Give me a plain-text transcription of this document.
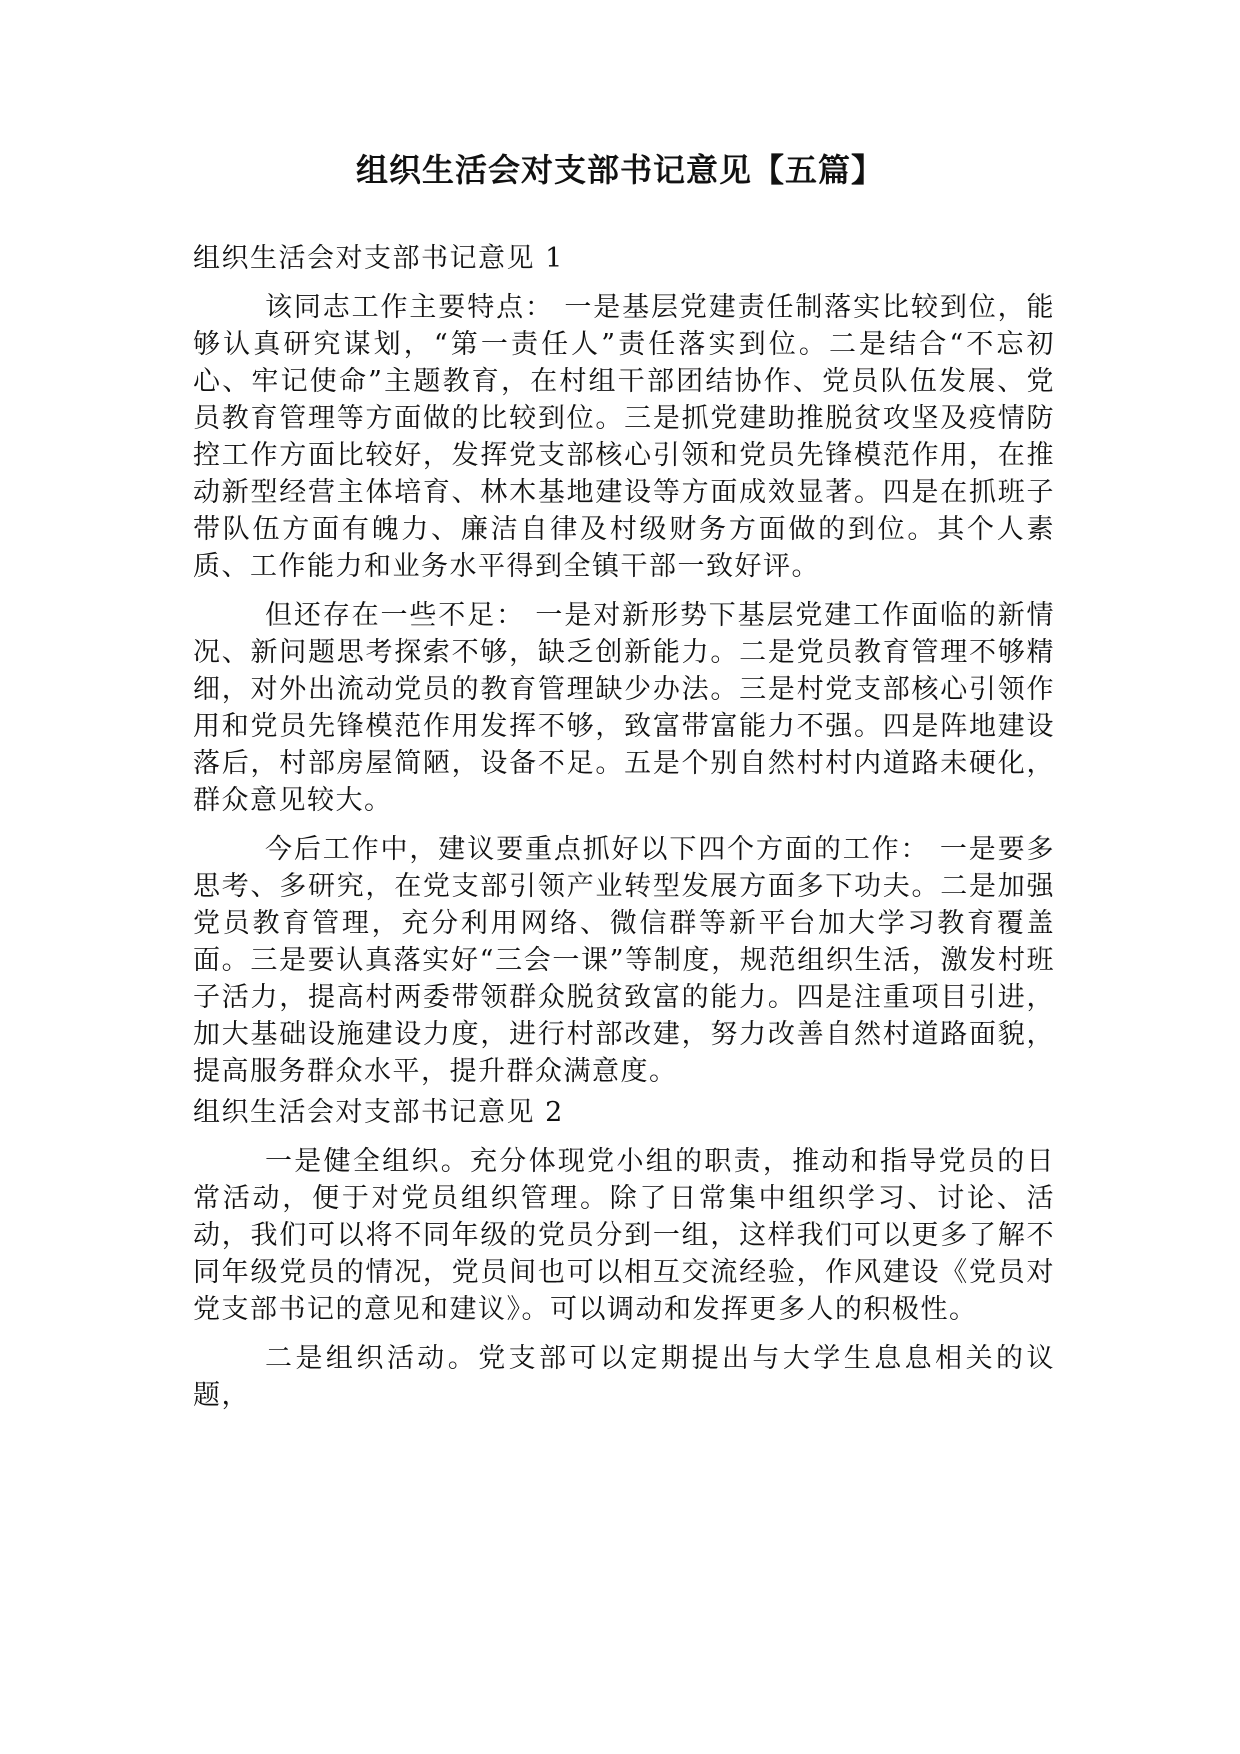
组织生活会对支部书记意见【五篇】
组织生活会对支部书记意见 1

该同志工作主要特点： 一是基层党建责任制落实比较到位，能够认真研究谋划，“第一责任人”责任落实到位。二是结合“不忘初心、牢记使命”主题教育，在村组干部团结协作、党员队伍发展、党员教育管理等方面做的比较到位。三是抓党建助推脱贫攻坚及疫情防控工作方面比较好，发挥党支部核心引领和党员先锋模范作用，在推动新型经营主体培育、林木基地建设等方面成效显著。四是在抓班子带队伍方面有魄力、廉洁自律及村级财务方面做的到位。其个人素质、工作能力和业务水平得到全镇干部一致好评。

但还存在一些不足： 一是对新形势下基层党建工作面临的新情况、新问题思考探索不够，缺乏创新能力。二是党员教育管理不够精细，对外出流动党员的教育管理缺少办法。三是村党支部核心引领作用和党员先锋模范作用发挥不够，致富带富能力不强。四是阵地建设落后，村部房屋简陋，设备不足。五是个别自然村村内道路未硬化，群众意见较大。

今后工作中，建议要重点抓好以下四个方面的工作： 一是要多思考、多研究，在党支部引领产业转型发展方面多下功夫。二是加强党员教育管理，充分利用网络、微信群等新平台加大学习教育覆盖面。三是要认真落实好“三会一课”等制度，规范组织生活，激发村班子活力，提高村两委带领群众脱贫致富的能力。四是注重项目引进，加大基础设施建设力度，进行村部改建，努力改善自然村道路面貌，提高服务群众水平，提升群众满意度。

组织生活会对支部书记意见 2

一是健全组织。充分体现党小组的职责，推动和指导党员的日常活动，便于对党员组织管理。除了日常集中组织学习、讨论、活动，我们可以将不同年级的党员分到一组，这样我们可以更多了解不同年级党员的情况，党员间也可以相互交流经验，作风建设《党员对党支部书记的意见和建议》。可以调动和发挥更多人的积极性。

二是组织活动。党支部可以定期提出与大学生息息相关的议题，
